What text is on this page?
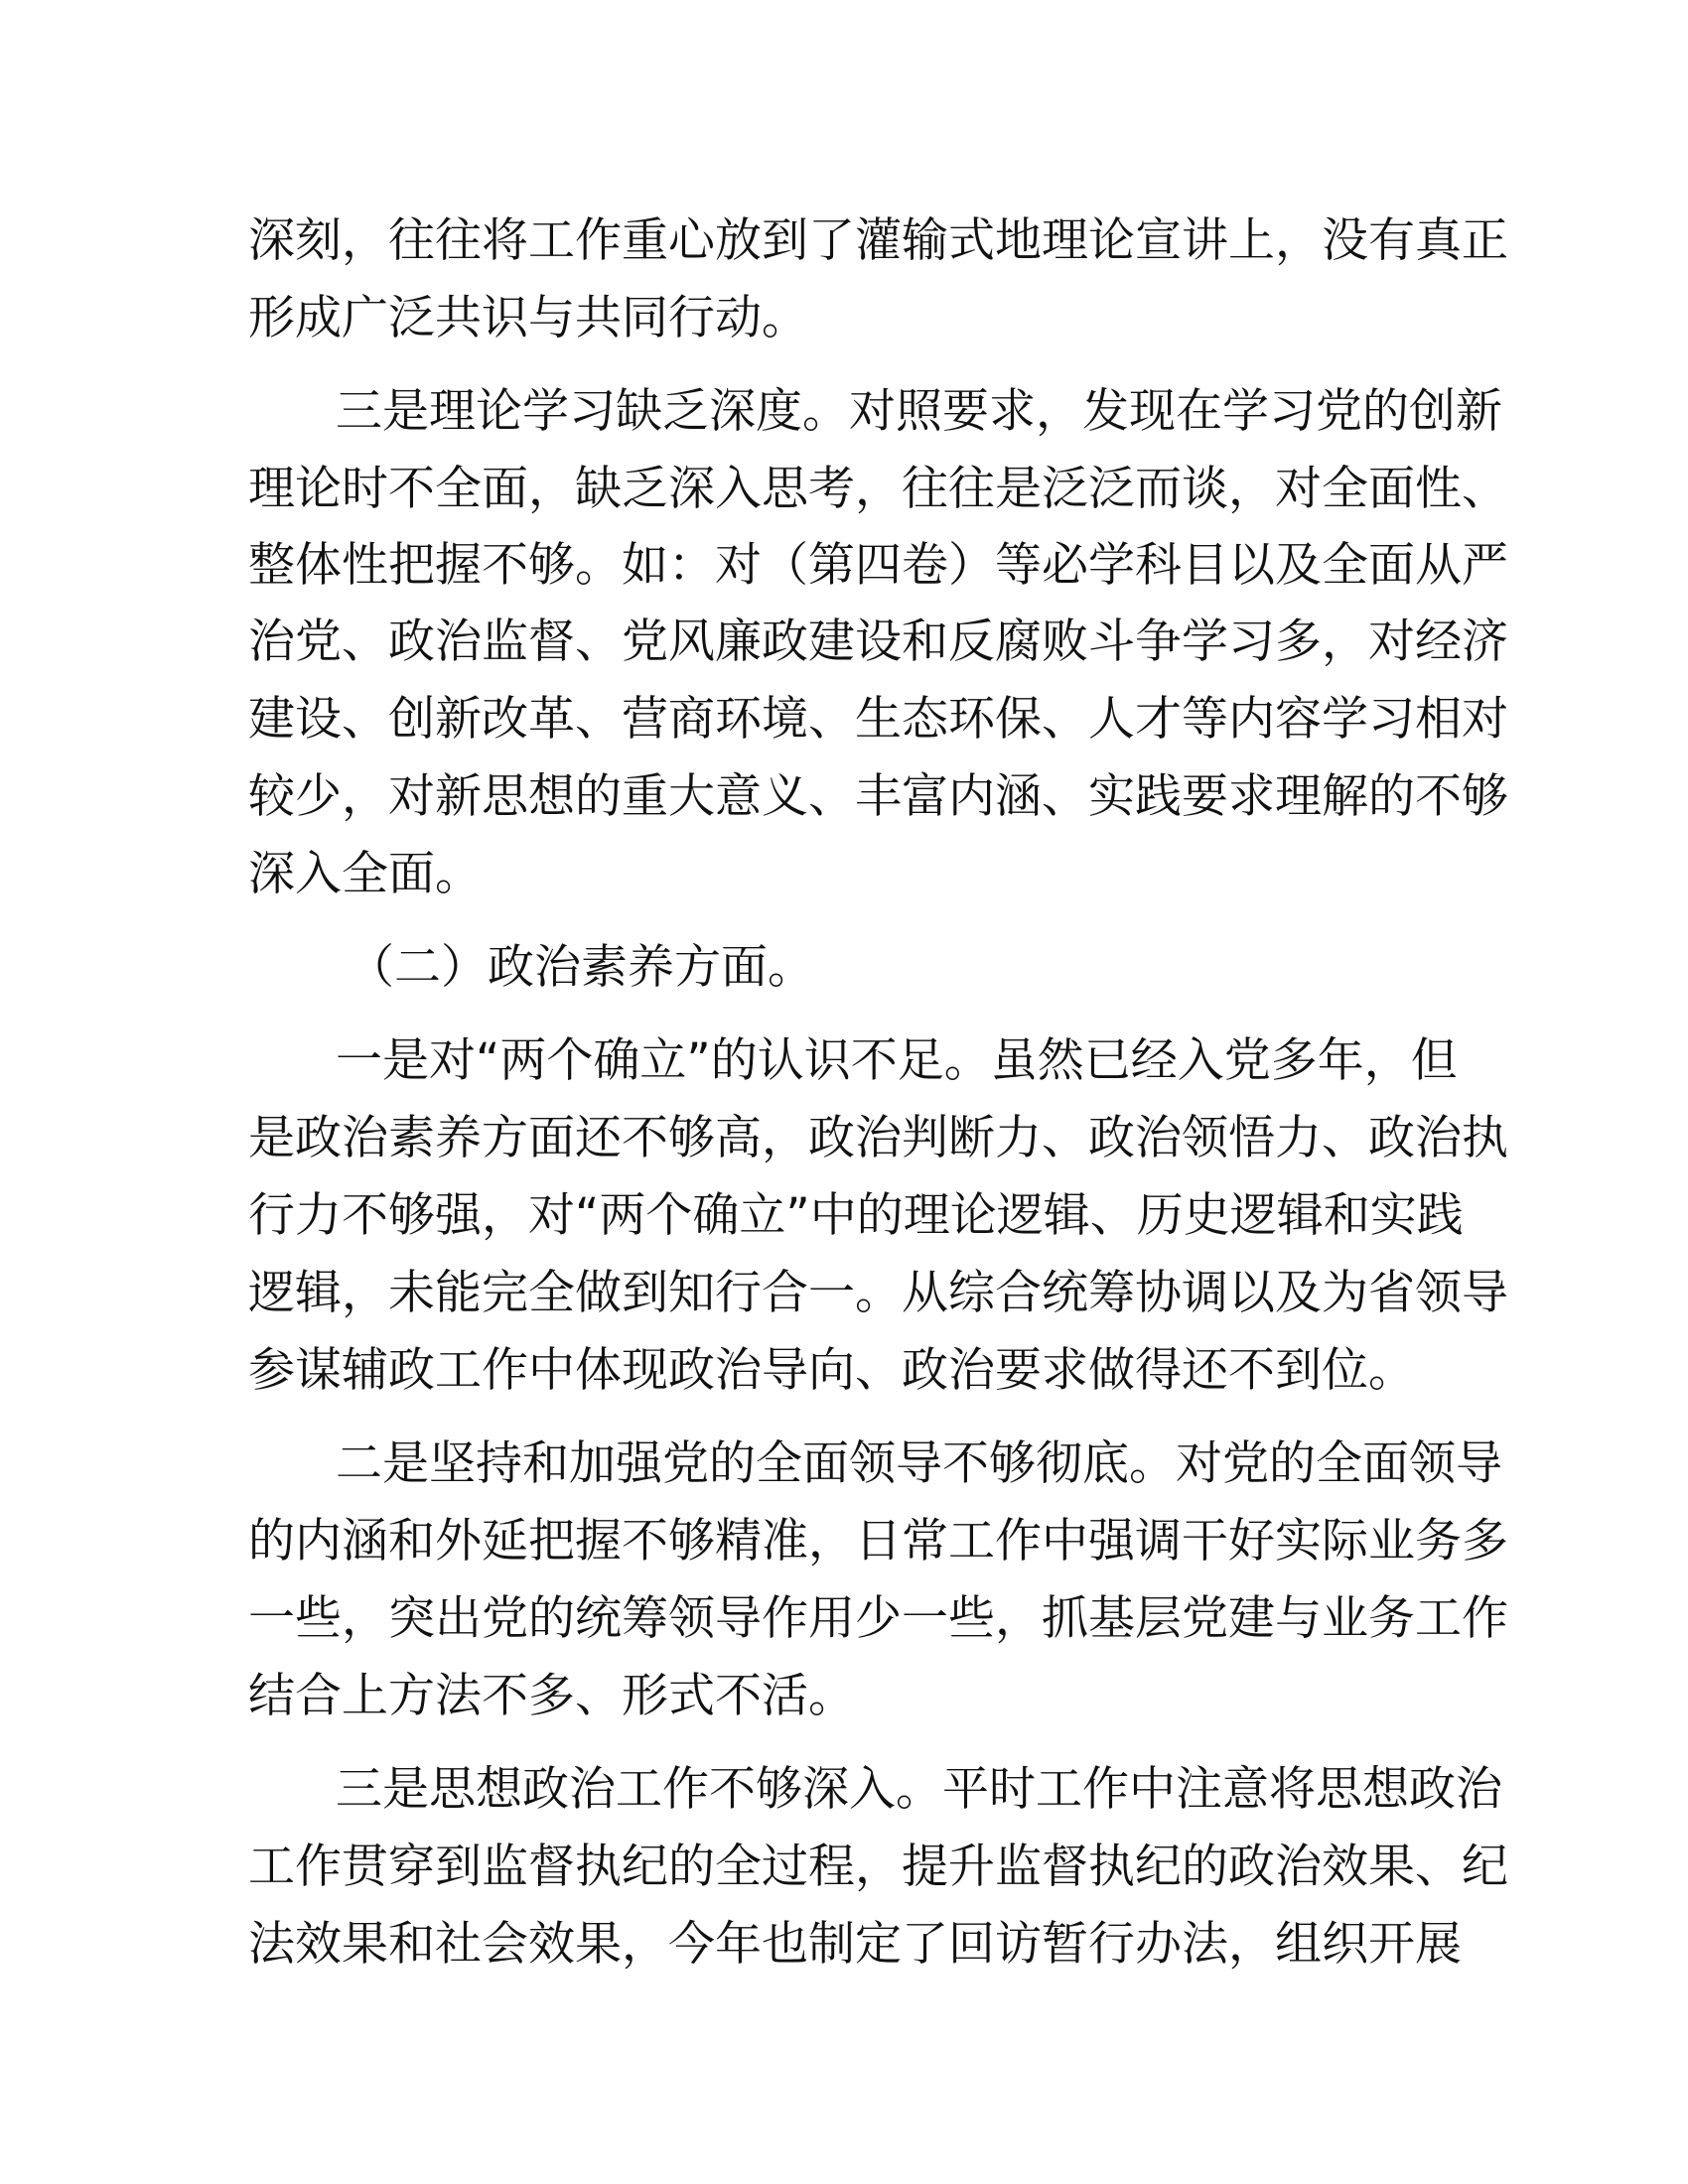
深刻，往往将工作重心放到了灌输式地理论宣讲上，没有真正
形成广泛共识与共同行动。
三是理论学习缺乏深度。对照要求，发现在学习党的创新
理论时不全面，缺乏深入思考，往往是泛泛而谈，对全面性、
整体性把握不够。如：对（第四卷）等必学科目以及全面从严
治党、政治监督、党风廉政建设和反腐败斗争学习多，对经济
建设、创新改革、营商环境、生态环保、人才等内容学习相对
较少，对新思想的重大意义、丰富内涵、实践要求理解的不够
深入全面。
（二）政治素养方面。
一是对“两个确立”的认识不足。虽然已经入党多年，但
是政治素养方面还不够高，政治判断力、政治领悟力、政治执
行力不够强，对“两个确立”中的理论逻辑、历史逻辑和实践
逻辑，未能完全做到知行合一。从综合统筹协调以及为省领导
参谋辅政工作中体现政治导向、政治要求做得还不到位。
二是坚持和加强党的全面领导不够彻底。对党的全面领导
的内涵和外延把握不够精准，日常工作中强调干好实际业务多
一些，突出党的统筹领导作用少一些，抓基层党建与业务工作
结合上方法不多、形式不活。
三是思想政治工作不够深入。平时工作中注意将思想政治
工作贯穿到监督执纪的全过程，提升监督执纪的政治效果、纪
法效果和社会效果，今年也制定了回访暂行办法，组织开展
